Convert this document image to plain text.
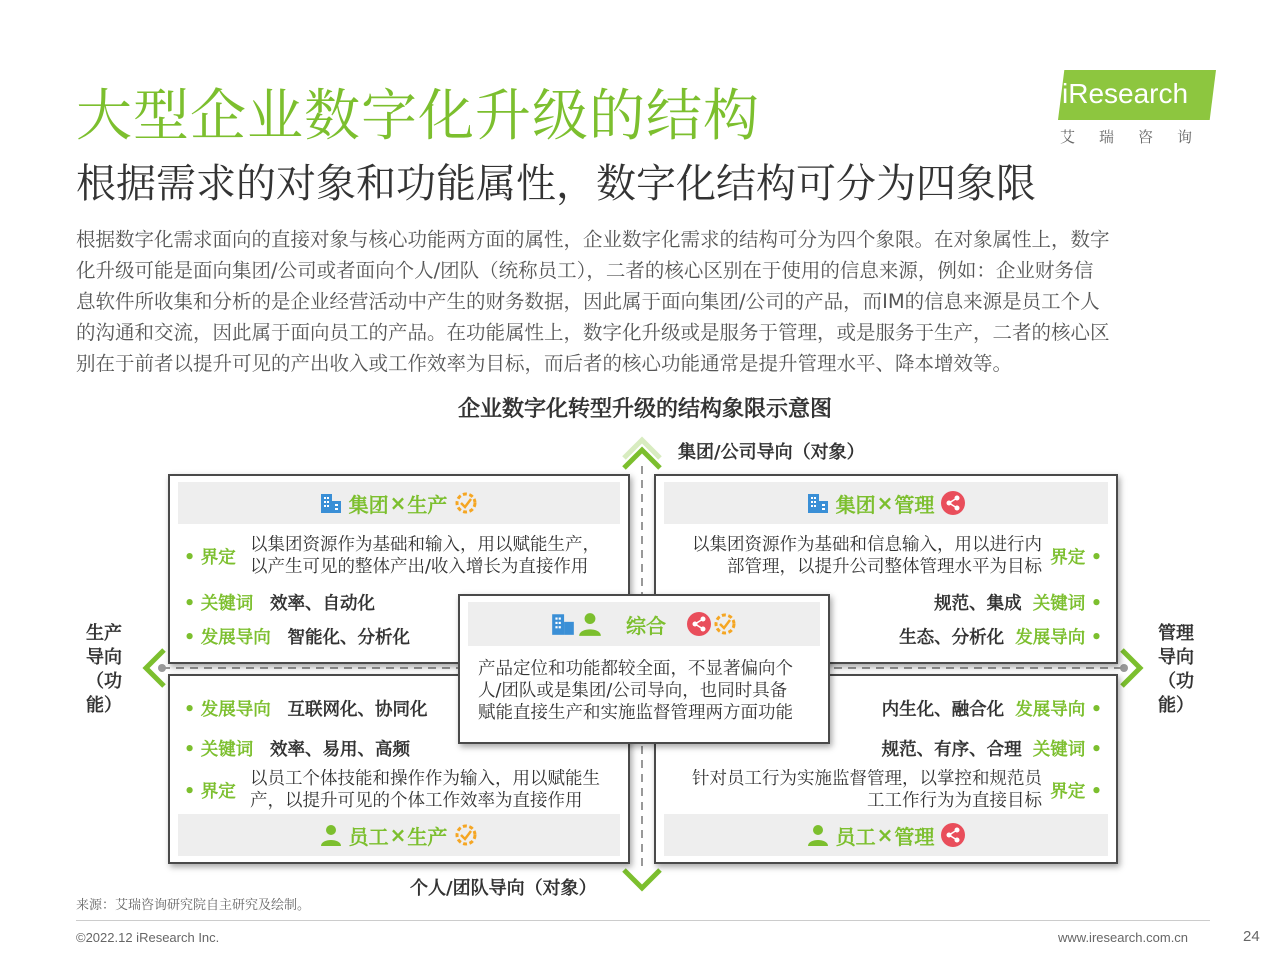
大型企业数字化升级的结构
根据需求的对象和功能属性，数字化结构可分为四象限
iResearch
艾瑞咨询
根据数字化需求面向的直接对象与核心功能两方面的属性，企业数字化需求的结构可分为四个象限。在对象属性上，数字
化升级可能是面向集团/公司或者面向个人/团队（统称员工），二者的核心区别在于使用的信息来源，例如：企业财务信
息软件所收集和分析的是企业经营活动中产生的财务数据，因此属于面向集团/公司的产品，而IM的信息来源是员工个人
的沟通和交流，因此属于面向员工的产品。在功能属性上，数字化升级或是服务于管理，或是服务于生产，二者的核心区
别在于前者以提升可见的产出收入或工作效率为目标，而后者的核心功能通常是提升管理水平、降本增效等。
企业数字化转型升级的结构象限示意图
集团/公司导向（对象）
个人/团队导向（对象）
生产
导向
（功
能）
管理
导向
（功
能）
集团 × 生产
• 界定
以集团资源作为基础和输入，用以赋能生产，
以产生可见的整体产出/收入增长为直接作用
• 关键词 效率、自动化
• 发展导向 智能化、分析化
集团 × 管理
以集团资源作为基础和信息输入，用以进行内
部管理，以提升公司整体管理水平为目标 界定 •
规范、集成 关键词 •
生态、分析化 发展导向 •
• 发展导向 互联网化、协同化
• 关键词 效率、易用、高频
• 界定
以员工个体技能和操作作为输入，用以赋能生
产，以提升可见的个体工作效率为直接作用
员工 × 生产
内生化、融合化 发展导向 •
规范、有序、合理 关键词 •
针对员工行为实施监督管理，以掌控和规范员
工工作行为为直接目标 界定 •
员工 × 管理
综合
产品定位和功能都较全面，不显著偏向个
人/团队或是集团/公司导向，也同时具备
赋能直接生产和实施监督管理两方面功能
来源：艾瑞咨询研究院自主研究及绘制。
©2022.12 iResearch Inc.	www.iresearch.com.cn	24
